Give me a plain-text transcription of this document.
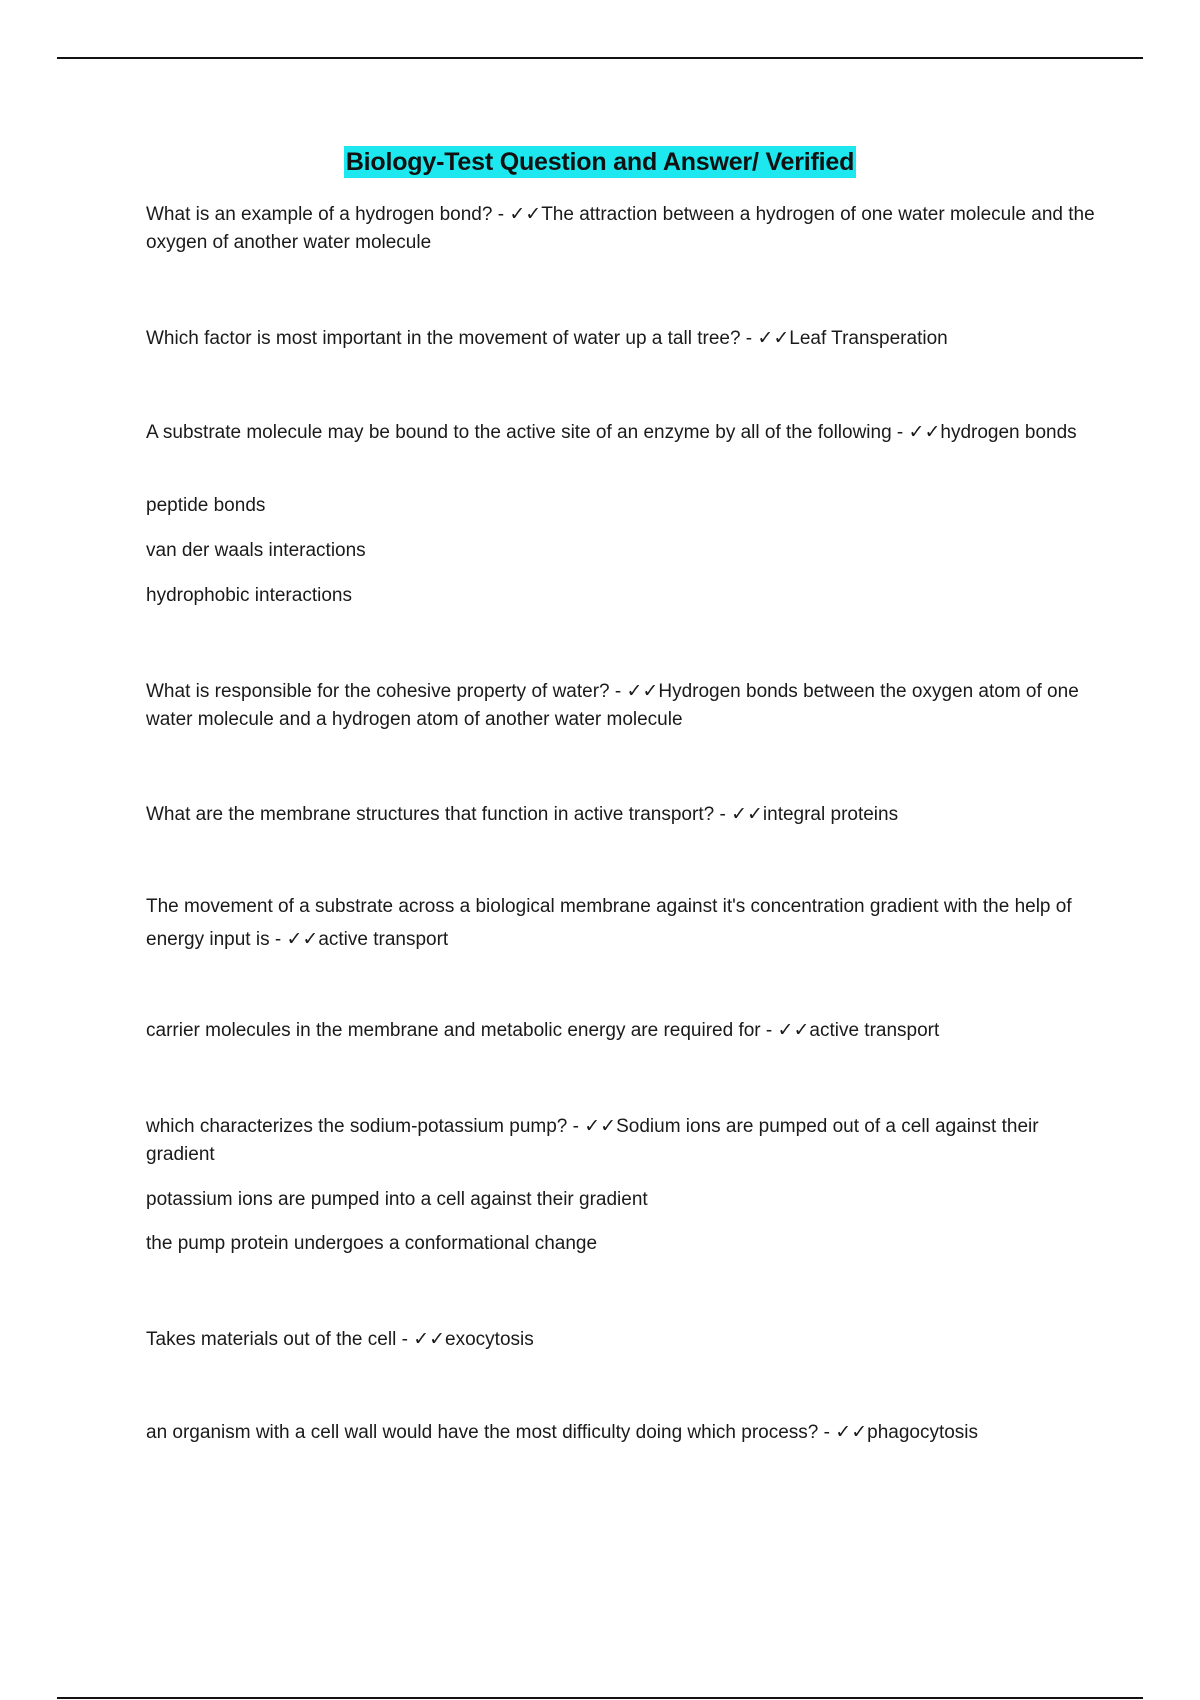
Biology-Test Question and Answer/ Verified

What is an example of a hydrogen bond? - ✓✓The attraction between a hydrogen of one water molecule and the oxygen of another water molecule

Which factor is most important in the movement of water up a tall tree? - ✓✓Leaf Transperation

A substrate molecule may be bound to the active site of an enzyme by all of the following - ✓✓hydrogen bonds

peptide bonds

van der waals interactions

hydrophobic interactions

What is responsible for the cohesive property of water? - ✓✓Hydrogen bonds between the oxygen atom of one water molecule and a hydrogen atom of another water molecule

What are the membrane structures that function in active transport? - ✓✓integral proteins

The movement of a substrate across a biological membrane against it's concentration gradient with the help of energy input is - ✓✓active transport

carrier molecules in the membrane and metabolic energy are required for - ✓✓active transport

which characterizes the sodium-potassium pump? - ✓✓Sodium ions are pumped out of a cell against their gradient

potassium ions are pumped into a cell against their gradient

the pump protein undergoes a conformational change

Takes materials out of the cell - ✓✓exocytosis

an organism with a cell wall would have the most difficulty doing which process? - ✓✓phagocytosis
